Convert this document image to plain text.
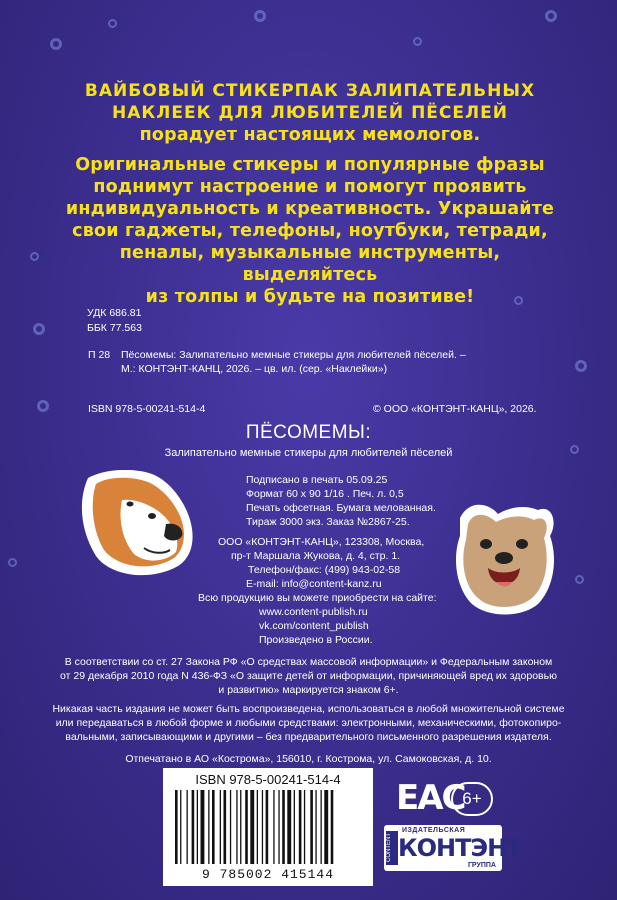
ВАЙБОВЫЙ СТИКЕРПАК ЗАЛИПАТЕЛЬНЫХ

НАКЛЕЕК ДЛЯ ЛЮБИТЕЛЕЙ ПЁСЕЛЕЙ

порадует настоящих мемологов.

Оригинальные стикеры и популярные фразы

поднимут настроение и помогут проявить

индивидуальность и креативность. Украшайте

свои гаджеты, телефоны, ноутбуки, тетради,

пеналы, музыкальные инструменты, выделяйтесь

из толпы и будьте на позитиве!

УДК 686.81
ББК 77.563
П 28 Пёсомемы: Залипательно мемные стикеры для любителей пёселей. –
М.: КОНТЭНТ-КАНЦ, 2026. – цв. ил. (сер. «Наклейки»)
ISBN 978-5-00241-514-4	© ООО «КОНТЭНТ-КАНЦ», 2026.
ПЁСОМЕМЫ:
Залипательно мемные стикеры для любителей пёселей
Подписано в печать 05.09.25
Формат 60 x 90 1/16 . Печ. л. 0,5
Печать офсетная. Бумага мелованная.
Тираж 3000 экз. Заказ №2867-25.
ООО «КОНТЭНТ-КАНЦ», 123308, Москва,
пр-т Маршала Жукова, д. 4, стр. 1.
Телефон/факс: (499) 943-02-58
E-mail: info@content-kanz.ru
Всю продукцию вы можете приобрести на сайте:
www.content-publish.ru
vk.com/content_publish
Произведено в России.
В соответствии со ст. 27 Закона РФ «О средствах массовой информации» и Федеральным законом
от 29 декабря 2010 года N 436-ФЗ «О защите детей от информации, причиняющей вред их здоровью
и развитию» маркируется знаком 6+.
Никакая часть издания не может быть воспроизведена, использоваться в любой множительной системе
или передаваться в любой форме и любыми средствами: электронными, механическими, фотокопиро-
вальными, записывающими и другими – без предварительного письменного разрешения издателя.
Отпечатано в АО «Кострома», 156010, г. Кострома, ул. Самоковская, д. 10.
ISBN 978-5-00241-514-4
9 785002 415144
EAC
6+
CONTENT
ИЗДАТЕЛЬСКАЯ
КОНТЭНТ
ГРУППА
